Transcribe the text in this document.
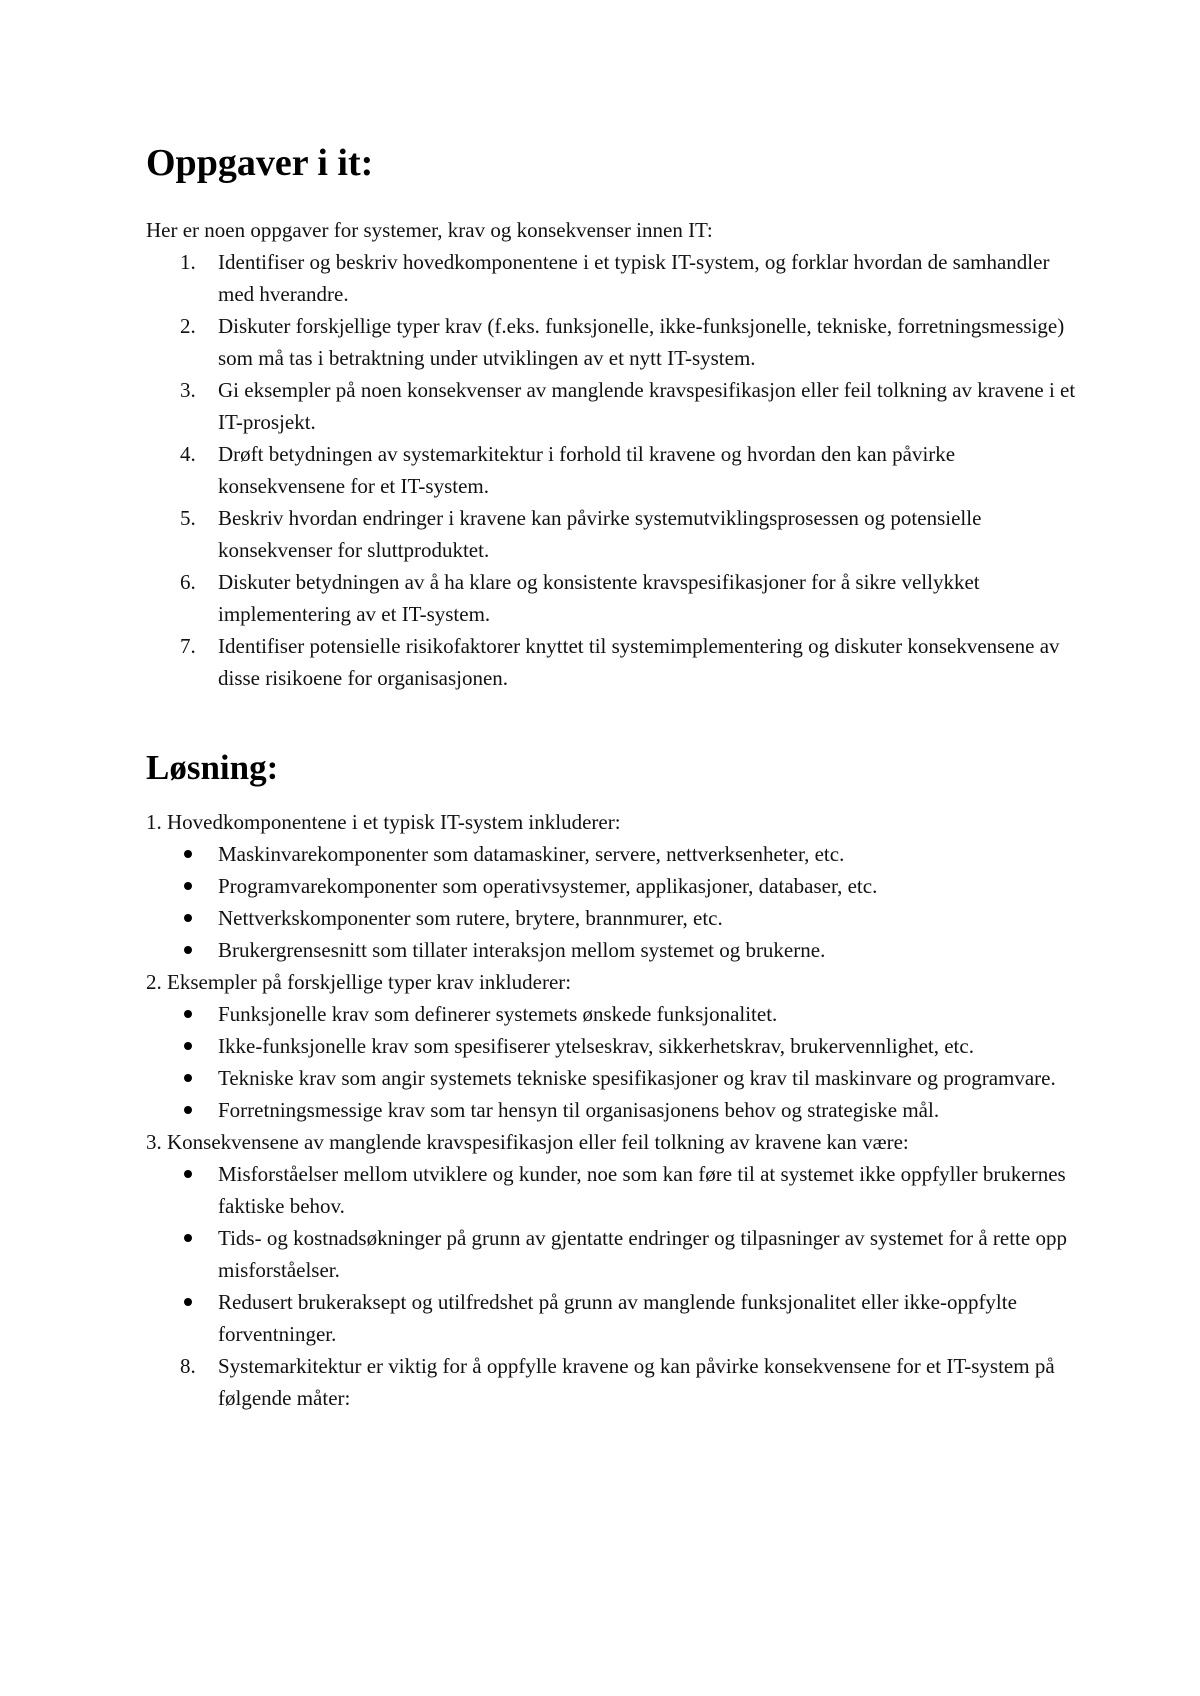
Oppgaver i it:
Her er noen oppgaver for systemer, krav og konsekvenser innen IT:
1.	Identifiser og beskriv hovedkomponentene i et typisk IT-system, og forklar hvordan de samhandler med hverandre.
2.	Diskuter forskjellige typer krav (f.eks. funksjonelle, ikke-funksjonelle, tekniske, forretningsmessige) som må tas i betraktning under utviklingen av et nytt IT-system.
3.	Gi eksempler på noen konsekvenser av manglende kravspesifikasjon eller feil tolkning av kravene i et IT-prosjekt.
4.	Drøft betydningen av systemarkitektur i forhold til kravene og hvordan den kan påvirke konsekvensene for et IT-system.
5.	Beskriv hvordan endringer i kravene kan påvirke systemutviklingsprosessen og potensielle konsekvenser for sluttproduktet.
6.	Diskuter betydningen av å ha klare og konsistente kravspesifikasjoner for å sikre vellykket implementering av et IT-system.
7.	Identifiser potensielle risikofaktorer knyttet til systemimplementering og diskuter konsekvensene av disse risikoene for organisasjonen.
Løsning:
1. Hovedkomponentene i et typisk IT-system inkluderer:
Maskinvarekomponenter som datamaskiner, servere, nettverksenheter, etc.
Programvarekomponenter som operativsystemer, applikasjoner, databaser, etc.
Nettverkskomponenter som rutere, brytere, brannmurer, etc.
Brukergrensesnitt som tillater interaksjon mellom systemet og brukerne.
2. Eksempler på forskjellige typer krav inkluderer:
Funksjonelle krav som definerer systemets ønskede funksjonalitet.
Ikke-funksjonelle krav som spesifiserer ytelseskrav, sikkerhetskrav, brukervennlighet, etc.
Tekniske krav som angir systemets tekniske spesifikasjoner og krav til maskinvare og programvare.
Forretningsmessige krav som tar hensyn til organisasjonens behov og strategiske mål.
3. Konsekvensene av manglende kravspesifikasjon eller feil tolkning av kravene kan være:
Misforståelser mellom utviklere og kunder, noe som kan føre til at systemet ikke oppfyller brukernes faktiske behov.
Tids- og kostnadsøkninger på grunn av gjentatte endringer og tilpasninger av systemet for å rette opp misforståelser.
Redusert brukeraksept og utilfredshet på grunn av manglende funksjonalitet eller ikke-oppfylte forventninger.
8.	Systemarkitektur er viktig for å oppfylle kravene og kan påvirke konsekvensene for et IT-system på følgende måter:
